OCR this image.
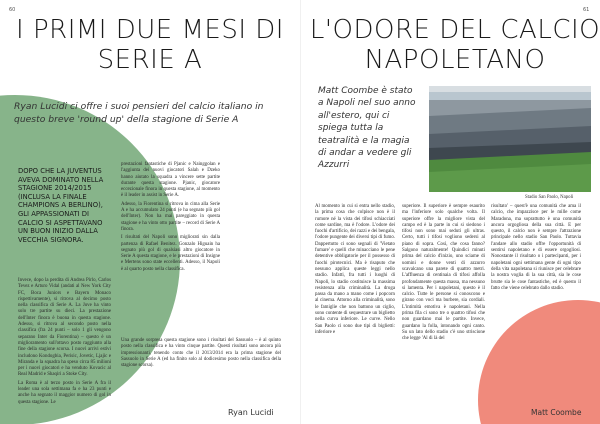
60
I PRIMI DUE MESI DI SERIE A
Ryan Lucidi ci offre i suoi pensieri del calcio italiano in questo breve 'round up' della stagione di Serie A
DOPO CHE LA JUVENTUS AVEVA DOMINATO NELLA STAGIONE 2014/2015 (INCLUSA LA FINALE CHAMPIONS A BERLINO), GLI APPASSIONATI DI CALCIO SI ASPETTAVANO UN BUON INIZIO DALLA VECCHIA SIGNORA.

Invece, dopo la perdita di Andrea Pirlo, Carlos Tevez e Arturo Vidal (andati al New York City FC, Boca Juniors e Bayern Monaco rispettivamente), si ritrova al decimo posto nella classifica di Serie A. La Juve ha vinto solo tre partite su dieci. La prestazione dell'Inter finora è buona in questa stagione. Adesso, si ritrova al secondo posto nella classifica (fra 24 punti – solo 1 gli vengono separano Inter da Fiorentina) – questo è un miglioramento sull'ottavo posto raggiunto alla fine della stagione scorsa. I nuovi arrivi estivi includono Kondogbia, Perisic, Jovetic, Ljajic e Miranda e la squadra ha speso circa 85 milioni per i nuovi giocatori e ha venduto Kovacic al Real Madrid e Shaqiri a Stoke City.

La Roma è al terzo posto in Serie A fra il leader una sola settimana fa e ha 23 punti e anche ha segnato il maggior numero di gol in questa stagione. Le

prestazioni fantastiche di Pjanic e Nainggolan e l'aggiunta dei nuovi giocatori Salah e Dzeko hanno aiutato la squadra a vincere sette partite durante questa stagione. Pjanic, giocatore eccezionale finora in questa stagione, al momento è il leader in assist in Serie A.

Adesso, la Fiorentina si ritrova in cima alla Serie A e ha accumulato 24 punti (e ha segnato più gol dell'Inter). Non ha mai pareggiato in questa stagione e ha vinto otto partite – record di Serie A finora.

I risultati del Napoli sono migliorati sin dalla partenza di Rafael Benitez. Gonzalo Higuain ha segnato più gol di qualsiasi altro giocatore in Serie A questa stagione, e le prestazioni di Insigne e Mertens sono state eccellenti. Adesso, il Napoli è al quarto posto nella classifica.

Una grande sorpresa questa stagione sono i risultati del Sassuolo – è al quinto posto nella classifica e ha vinto cinque partite. Questi risultati sono ancora più impressionanti, tenendo conto che il 2013/2014 era la prima stagione del Sassuolo in Serie A (ed ha finito solo al dodicesimo posto nella classifica della stagione scorsa).

Ryan Lucidi
61
L'ODORE DEL CALCIO NAPOLETANO
Matt Coombe è stato a Napoli nel suo anno all'estero, qui ci spiega tutta la teatralità e la magia di andar a vedere gli Azzurri
Stadio San Paolo, Napoli

Al momento in cui si entra nello stadio, la prima cosa che colpisce non è il rumore né la vista dei tifosi schiacciati come sardine, ma è l'odore. L'odore dei fuochi d'artificio, dei razzi e dei bengala, l'odore pungente dei diversi tipi di fumo. Dappertutto ci sono segnali di 'Vietato fumare' e quelli che minacciano le pene detentive obbligatorie per il possesso di fuochi pirotecnici. Ma è risaputo che nessuno applica queste leggi nello stadio. Infatti, fra tutti i luoghi di Napoli, lo stadio costituisce la massima resistenza alla criminalità. La droga passa da mano a mano come i popcorn al cinema. Attorno alla criminalità, sono le famiglie che non battono un ciglio, sono contente di sequestrare un biglietto nella curva inferiore. Le curve. Nello San Paolo ci sono due tipi di biglietti: inferiore e

superiore. Il superiore è sempre esaurito ma l'inferiore solo qualche volta. Il superiore offre la migliore vista del campo ed è la parte in cui si siedono i tifosi non sono mai seduti gli ultras. Certo, tutti i tifosi vogliono sedersi al piano di sopra. Così, che cosa fanno? Salgono naturalmente! Quindici minuti prima del calcio d'inizio, uno sciame di uomini e donne venti di azzurro scavalcano una parete di quattro metri. L'affluenza di centinaia di tifosi affolla profondamente questa massa, ma nessuno si lamenta. Per i napoletani, questo è il calcio. Tutte le persone si conoscono e girano con voci ma burbere, sia cordiali. L'intimità emotiva è napoletani. Nella prima fila ci sono tre o quattro tifosi che non guardano mai le partite. Invece, guardano la folla, intonando ogni canto. Su un lato dello stadio c'è uno striscione che legge 'Al di là del

risultato' – quest'è una comunità che ama il calcio, che impazzisce per le mille come Maradona, ma soprattutto è una comunità ancora orgogliosa della sua città. E per questo, il calcio non è sempre l'attrazione principale nello stadio San Paolo. Tuttavia l'andare allo stadio offre l'opportunità di sentirsi napoletano e di essere orgogliosi. Nonostante il risultato o i partecipanti, per i napoletani ogni settimana gente di ogni tipo della vita napoletana si riunisce per celebrare la nostra voglia di la sua città, sia le cose brutte sia le cose fantastiche, ed è questo il fatto che viene celebrato dallo stadio.

Matt Coombe
